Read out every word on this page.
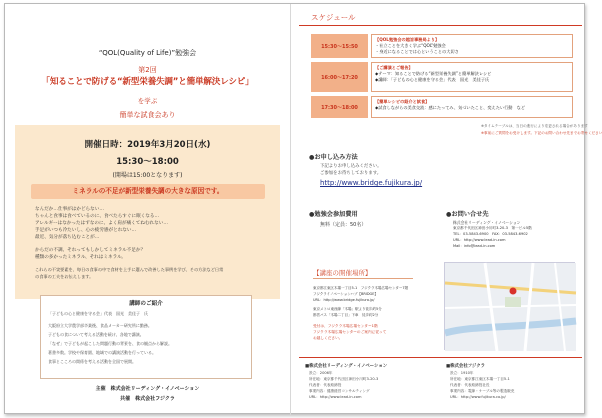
“QOL(Quality of Life)”勉強会
第2回
「知ることで防げる“新型栄養失調”と簡単解決レシピ」
を学ぶ
簡単な試食会あり
開催日時：2019年3月20日(水)
15:30～18:00
(開場は15:00となります)
ミネラルの不足が新型栄養失調の大きな原因です。
なんだか…仕事がはかどらない…
ちゃんと食事は食べているのに、食べたらすぐに眠くなる…
アレルギーはなかったはずなのに、よく肩が痛くてねむれない…
手足がいつも冷たいし、心の疲労感がとれない…
最近、気分が落ち込むことが…
からだの不調、それってもしかしてミネラル不足か？
種類の多かったミネラル、それはミネラル。
これらの不実要素を、毎日の食事の中で食材を上手に選んで改善した事例を学び、その方法など日常
の食事の工夫をお伝えします。
講師のご紹介
「子どもの心と健康を守る会」代表　国光　美佳子　氏
大阪府立大学農学部卒業後、食品メーカー研究所に勤務。
子どもの食について考える活動を続け、各地で講演。
「なぜ」で子どもが起こした問題行動の背景を、食の観点から解説。
著書多数。学校や保育園、地域での講演活動を行っている。
食事とこころの関係を考える活動を全国で展開。
主催　株式会社リーディング・イノベーション
共催　株式会社フジクラ
スケジュール
15:30～15:50
【QOL勉強会の越旨事務局より】
・社立ことを大きく学ぶ“QOL”勉強会
・身近になることでは心ということの大切さ
16:00～17:20
【ご講演とご報告】
◆テーマ：知ることで防げる“新型栄養失調”と簡単解決レシピ
◆講師：「子どもの心と健康を守る会」代表　国光　美佳子氏
17:30～18:00
【簡単レシピの紹介と試食】
◆試食しながらの美食交流：感にたってみ、気づいたこと、変えたい行動　など
※タイムテーブルは、当日の進行により変更される場合があります
※事前にご質問をお受けします。下記のお問い合わせ先までお寄せください
●お申し込み方法
下記よりお申し込みください。
ご参加をお待ちしております。
http://www.bridge.fujikura.jp/
●勉強会参加費用
無料（定員：50名）
●お問い合せ先
株式会社リーディング・イノベーション
東京都千代田区神田小川町3-20-3　第一ビル5階
TEL：03-5843-6900　FAX：03-5843-6902
URL：http://www.lead-in.com
Mail：info@lead-in.com
【講座の開催場所】
東京都江東区木場一丁目5-1　フジクラ木場広場センター7階
フジクライノベーションハブ【BRIDGE】
URL：http://www.bridge.fujikura.jp/
東京メトロ東西線「木場」駅より徒歩約5分
都営バス「木場二丁目」下車　徒歩約2分
受付は、フジクラ木場広場センター1階
フジクラ木場広場センターのご案内に従って
お越しください。
■株式会社リーディング・イノベーション
設立：2006年
所在地：東京都千代田区神田小川町3-20-3
代表者：代表取締役
事業内容：健康経営コンサルティング
URL：http://www.lead-in.com
■株式会社フジクラ
設立：1910年
所在地：東京都江東区木場一丁目5-1
代表者：代表取締役社長
事業内容：電線・ケーブル等の製造販売
URL：http://www.fujikura.co.jp/
